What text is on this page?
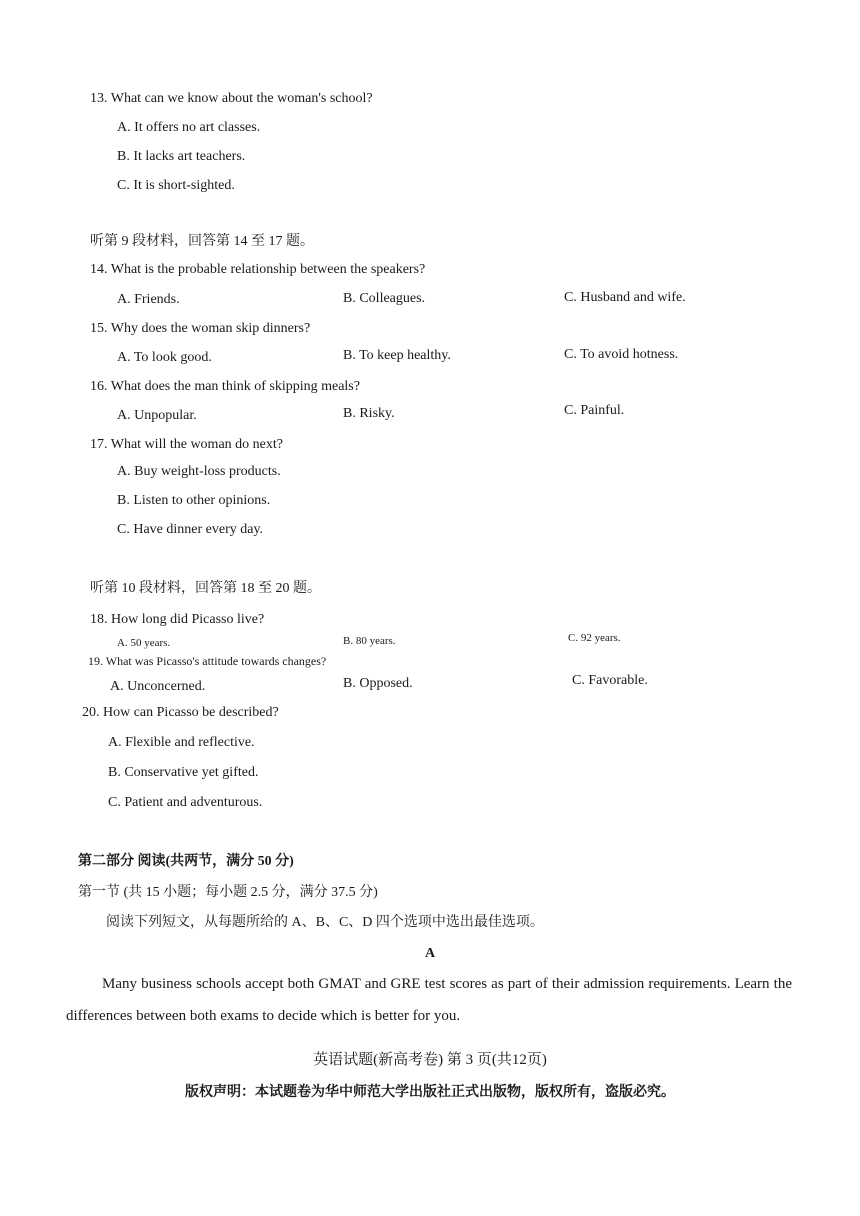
13. What can we know about the woman's school?
A. It offers no art classes.
B. It lacks art teachers.
C. It is short-sighted.
听第 9 段材料，回答第 14 至 17 题。
14. What is the probable relationship between the speakers?
A. Friends.	B. Colleagues.	C. Husband and wife.
15. Why does the woman skip dinners?
A. To look good.	B. To keep healthy.	C. To avoid hotness.
16. What does the man think of skipping meals?
A. Unpopular.	B. Risky.	C. Painful.
17. What will the woman do next?
A. Buy weight-loss products.
B. Listen to other opinions.
C. Have dinner every day.
听第 10 段材料，回答第 18 至 20 题。
18. How long did Picasso live?
A. 50 years.	B. 80 years.	C. 92 years.
19. What was Picasso's attitude towards changes?
A. Unconcerned.	B. Opposed.	C. Favorable.
20. How can Picasso be described?
A. Flexible and reflective.
B. Conservative yet gifted.
C. Patient and adventurous.
第二部分 阅读(共两节，满分 50 分)
第一节 (共 15 小题；每小题 2.5 分，满分 37.5 分)
阅读下列短文，从每题所给的 A、B、C、D 四个选项中选出最佳选项。
A
Many business schools accept both GMAT and GRE test scores as part of their admission requirements. Learn the differences between both exams to decide which is better for you.
英语试题(新高考卷) 第 3 页(共12页)
版权声明：本试题卷为华中师范大学出版社正式出版物，版权所有，盗版必究。
